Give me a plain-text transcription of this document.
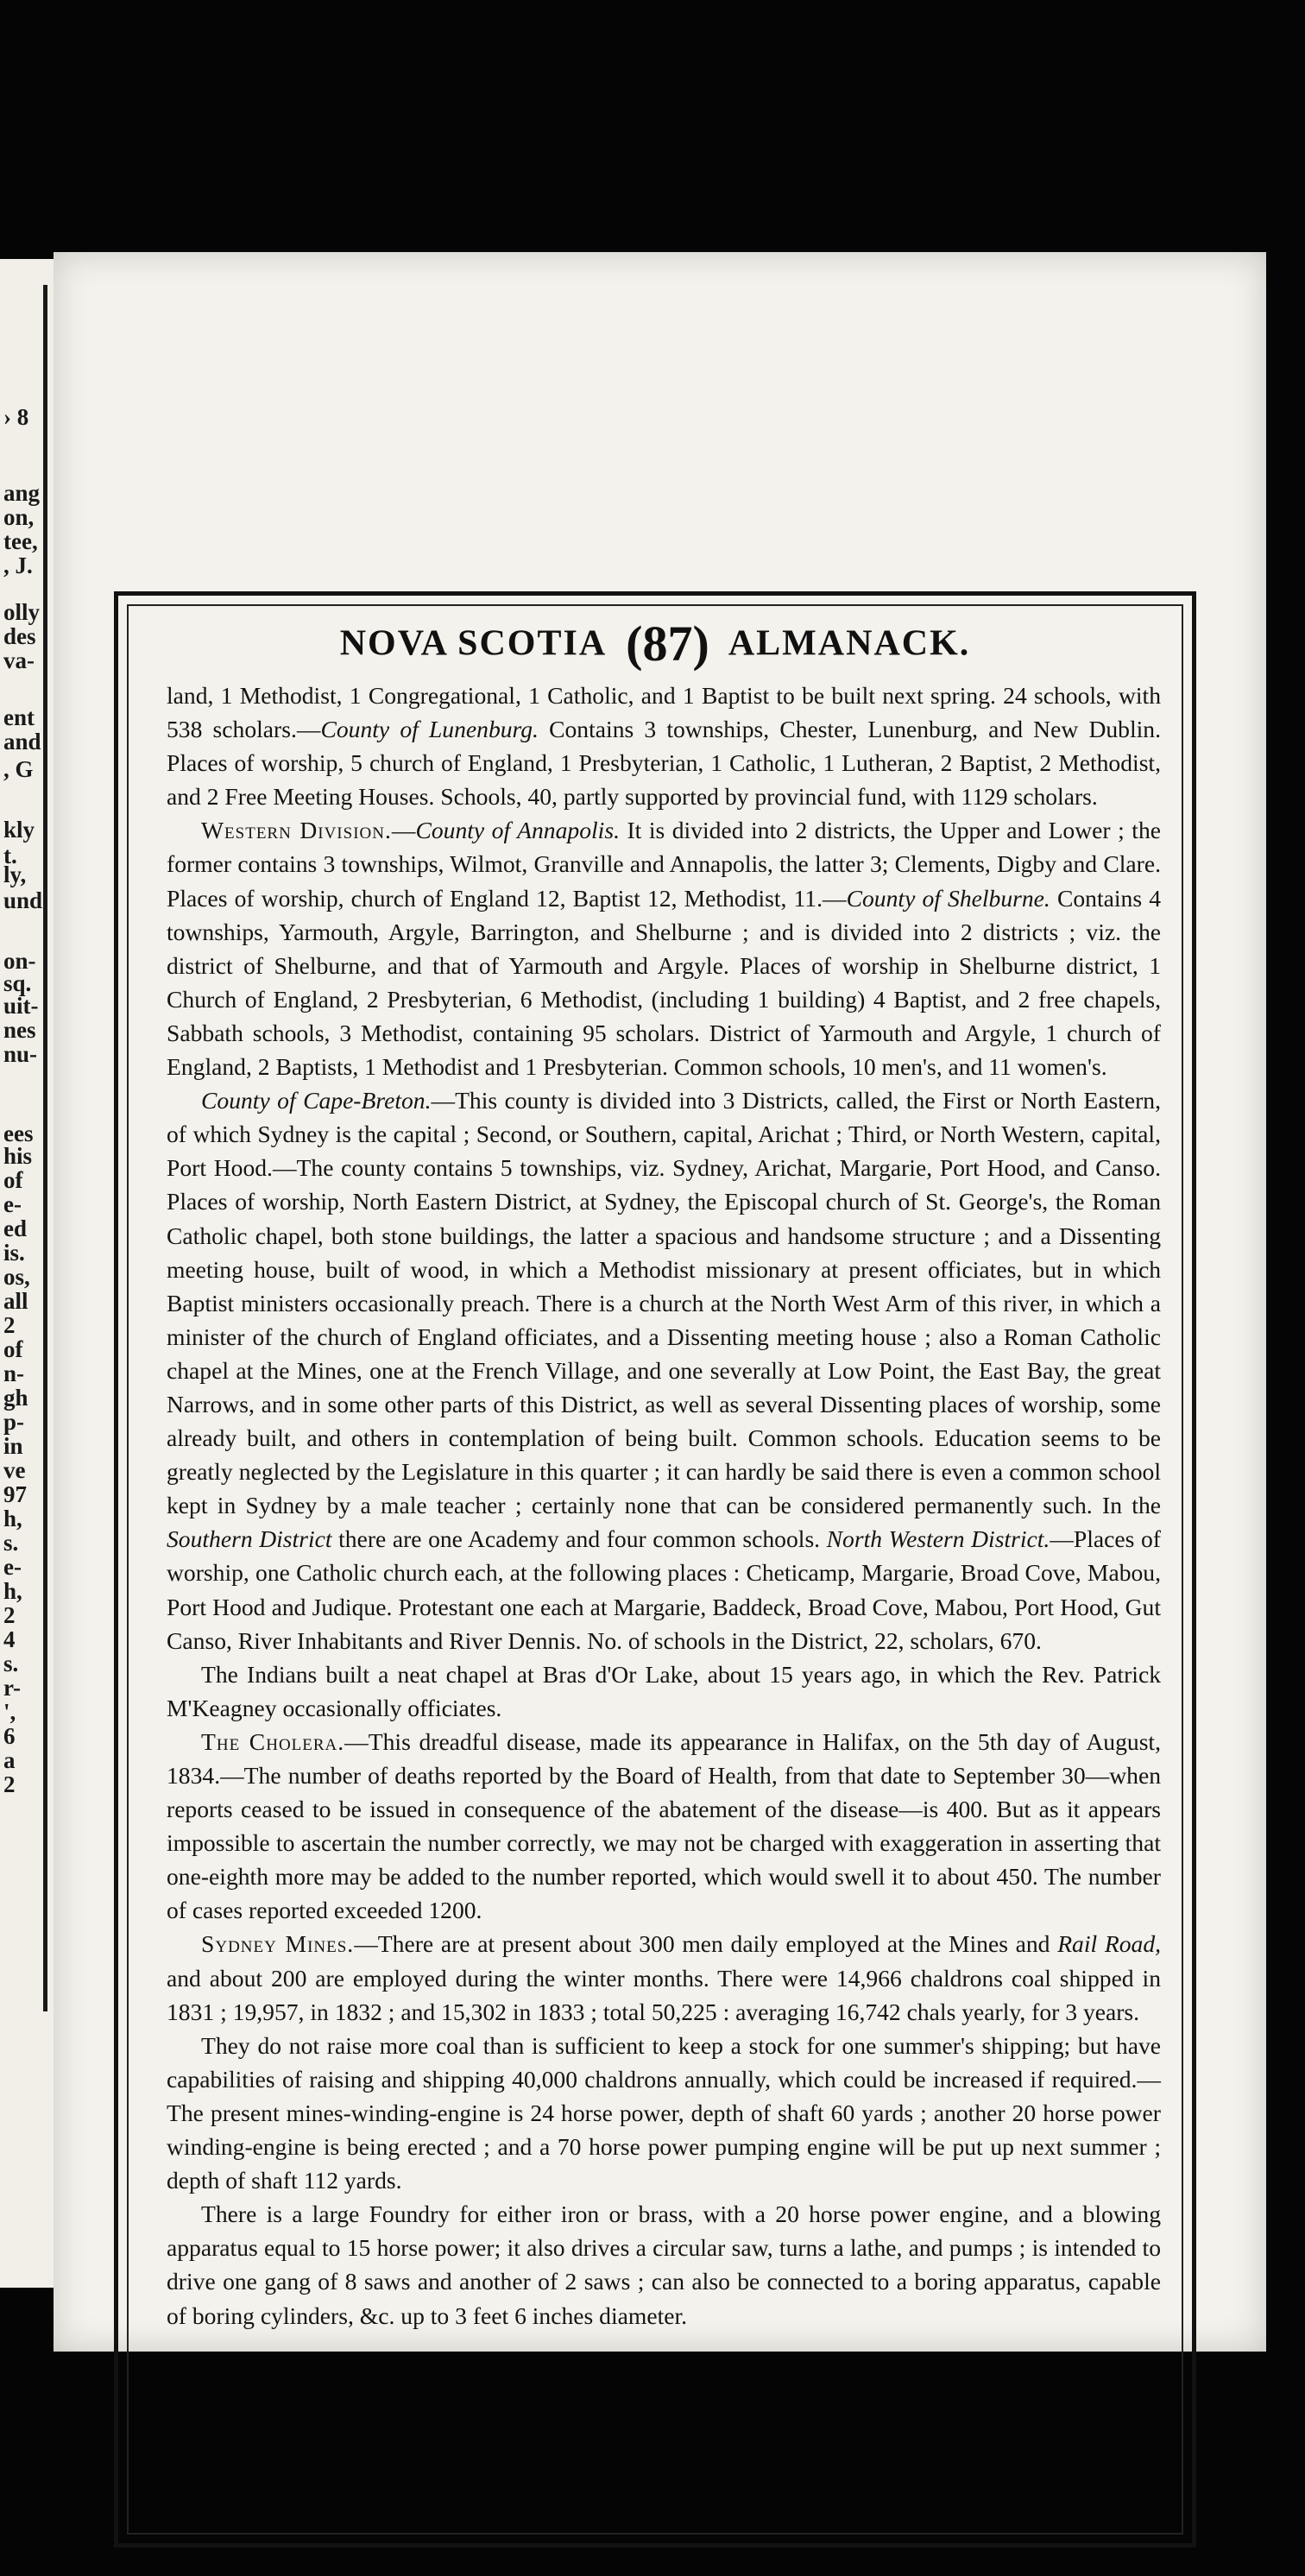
› 8
ang
on,
tee,
, J.
olly
des
va-
ent
and
, G
kly
t.
ly,
und
on-
sq.
uit-
nes
nu-
ees
his
of
e-
ed
is.
os,
all
2
of
n-
gh
p-
in
ve
97
h,
s.
e-
h,
2
4
s.
r-
',
6
a
2
NOVA SCOTIA (87) ALMANACK.

land, 1 Methodist, 1 Congregational, 1 Catholic, and 1 Baptist to be built next spring. 24 schools, with 538 scholars.—County of Lunenburg. Contains 3 townships, Chester, Lunenburg, and New Dublin. Places of worship, 5 church of England, 1 Presbyterian, 1 Catholic, 1 Lutheran, 2 Baptist, 2 Methodist, and 2 Free Meeting Houses. Schools, 40, partly supported by provincial fund, with 1129 scholars.

Western Division.—County of Annapolis. It is divided into 2 districts, the Upper and Lower ; the former contains 3 townships, Wilmot, Granville and Annapolis, the latter 3; Clements, Digby and Clare. Places of worship, church of England 12, Baptist 12, Methodist, 11.—County of Shelburne. Contains 4 townships, Yarmouth, Argyle, Barrington, and Shelburne ; and is divided into 2 districts ; viz. the district of Shelburne, and that of Yarmouth and Argyle. Places of worship in Shelburne district, 1 Church of England, 2 Presbyterian, 6 Methodist, (including 1 building) 4 Baptist, and 2 free chapels, Sabbath schools, 3 Methodist, containing 95 scholars. District of Yarmouth and Argyle, 1 church of England, 2 Baptists, 1 Methodist and 1 Presbyterian. Common schools, 10 men's, and 11 women's.

County of Cape-Breton.—This county is divided into 3 Districts, called, the First or North Eastern, of which Sydney is the capital ; Second, or Southern, capital, Arichat ; Third, or North Western, capital, Port Hood.—The county contains 5 townships, viz. Sydney, Arichat, Margarie, Port Hood, and Canso. Places of worship, North Eastern District, at Sydney, the Episcopal church of St. George's, the Roman Catholic chapel, both stone buildings, the latter a spacious and handsome structure ; and a Dissenting meeting house, built of wood, in which a Methodist missionary at present officiates, but in which Baptist ministers occasionally preach. There is a church at the North West Arm of this river, in which a minister of the church of England officiates, and a Dissenting meeting house ; also a Roman Catholic chapel at the Mines, one at the French Village, and one severally at Low Point, the East Bay, the great Narrows, and in some other parts of this District, as well as several Dissenting places of worship, some already built, and others in contemplation of being built. Common schools. Education seems to be greatly neglected by the Legislature in this quarter ; it can hardly be said there is even a common school kept in Sydney by a male teacher ; certainly none that can be considered permanently such. In the Southern District there are one Academy and four common schools. North Western District.—Places of worship, one Catholic church each, at the following places : Cheticamp, Margarie, Broad Cove, Mabou, Port Hood and Judique. Protestant one each at Margarie, Baddeck, Broad Cove, Mabou, Port Hood, Gut Canso, River Inhabitants and River Dennis. No. of schools in the District, 22, scholars, 670.

The Indians built a neat chapel at Bras d'Or Lake, about 15 years ago, in which the Rev. Patrick M'Keagney occasionally officiates.

The Cholera.—This dreadful disease, made its appearance in Halifax, on the 5th day of August, 1834.—The number of deaths reported by the Board of Health, from that date to September 30—when reports ceased to be issued in consequence of the abatement of the disease—is 400. But as it appears impossible to ascertain the number correctly, we may not be charged with exaggeration in asserting that one-eighth more may be added to the number reported, which would swell it to about 450. The number of cases reported exceeded 1200.

Sydney Mines.—There are at present about 300 men daily employed at the Mines and Rail Road, and about 200 are employed during the winter months. There were 14,966 chaldrons coal shipped in 1831 ; 19,957, in 1832 ; and 15,302 in 1833 ; total 50,225 : averaging 16,742 chals yearly, for 3 years.

They do not raise more coal than is sufficient to keep a stock for one summer's shipping; but have capabilities of raising and shipping 40,000 chaldrons annually, which could be increased if required.—The present mines-winding-engine is 24 horse power, depth of shaft 60 yards ; another 20 horse power winding-engine is being erected ; and a 70 horse power pumping engine will be put up next summer ; depth of shaft 112 yards.

There is a large Foundry for either iron or brass, with a 20 horse power engine, and a blowing apparatus equal to 15 horse power; it also drives a circular saw, turns a lathe, and pumps ; is intended to drive one gang of 8 saws and another of 2 saws ; can also be connected to a boring apparatus, capable of boring cylinders, &c. up to 3 feet 6 inches diameter.
